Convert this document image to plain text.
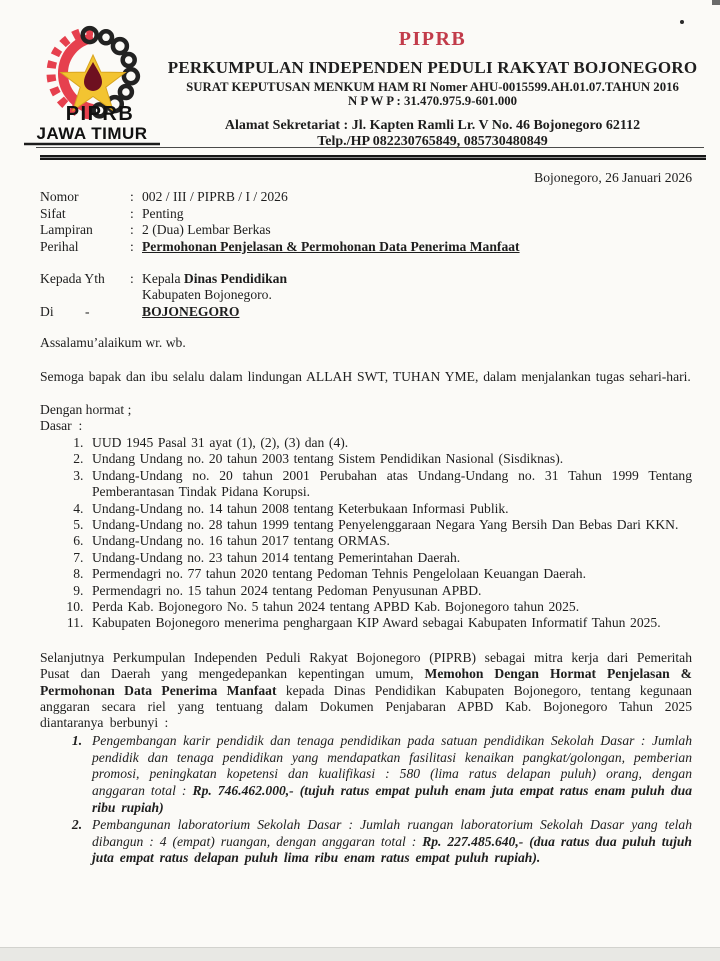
PIPRB
JAWA TIMUR
PIPRB
PERKUMPULAN INDEPENDEN PEDULI RAKYAT BOJONEGORO
SURAT KEPUTUSAN MENKUM HAM RI Nomer AHU-0015599.AH.01.07.TAHUN 2016
N P W P : 31.470.975.9-601.000
Alamat Sekretariat : Jl. Kapten Ramli Lr. V No. 46 Bojonegoro 62112
Telp./HP 082230765849, 085730480849
Bojonegoro, 26 Januari 2026
Nomor	: 002 / III / PIPRB / I / 2026
Sifat	: Penting
Lampiran	: 2 (Dua) Lembar Berkas
Perihal	: Permohonan Penjelasan & Permohonan Data Penerima Manfaat
Kepada Yth	: Kepala Dinas Pendidikan
Kabupaten Bojonegoro.
Di	-	BOJONEGORO
Assalamu’alaikum wr. wb.
Semoga bapak dan ibu selalu dalam lindungan ALLAH SWT, TUHAN YME, dalam menjalankan tugas sehari-hari.
Dengan hormat ;
Dasar :
1. UUD 1945 Pasal 31 ayat (1), (2), (3) dan (4).
2. Undang Undang no. 20 tahun 2003 tentang Sistem Pendidikan Nasional (Sisdiknas).
3. Undang-Undang no. 20 tahun 2001 Perubahan atas Undang-Undang no. 31 Tahun 1999 Tentang Pemberantasan Tindak Pidana Korupsi.
4. Undang-Undang no. 14 tahun 2008 tentang Keterbukaan Informasi Publik.
5. Undang-Undang no. 28 tahun 1999 tentang Penyelenggaraan Negara Yang Bersih Dan Bebas Dari KKN.
6. Undang-Undang no. 16 tahun 2017 tentang ORMAS.
7. Undang-Undang no. 23 tahun 2014 tentang Pemerintahan Daerah.
8. Permendagri no. 77 tahun 2020 tentang Pedoman Tehnis Pengelolaan Keuangan Daerah.
9. Permendagri no. 15 tahun 2024 tentang Pedoman Penyusunan APBD.
10. Perda Kab. Bojonegoro No. 5 tahun 2024 tentang APBD Kab. Bojonegoro tahun 2025.
11. Kabupaten Bojonegoro menerima penghargaan KIP Award sebagai Kabupaten Informatif Tahun 2025.
Selanjutnya Perkumpulan Independen Peduli Rakyat Bojonegoro (PIPRB) sebagai mitra kerja dari Pemeritah Pusat dan Daerah yang mengedepankan kepentingan umum, Memohon Dengan Hormat Penjelasan & Permohonan Data Penerima Manfaat kepada Dinas Pendidikan Kabupaten Bojonegoro, tentang kegunaan anggaran secara riel yang tentuang dalam Dokumen Penjabaran APBD Kab. Bojonegoro Tahun 2025 diantaranya berbunyi :
1. Pengembangan karir pendidik dan tenaga pendidikan pada satuan pendidikan Sekolah Dasar : Jumlah pendidik dan tenaga pendidikan yang mendapatkan fasilitasi kenaikan pangkat/golongan, pemberian promosi, peningkatan kopetensi dan kualifikasi : 580 (lima ratus delapan puluh) orang, dengan anggaran total : Rp. 746.462.000,- (tujuh ratus empat puluh enam juta empat ratus enam puluh dua ribu rupiah)
2. Pembangunan laboratorium Sekolah Dasar : Jumlah ruangan laboratorium Sekolah Dasar yang telah dibangun : 4 (empat) ruangan, dengan anggaran total : Rp. 227.485.640,- (dua ratus dua puluh tujuh juta empat ratus delapan puluh lima ribu enam ratus empat puluh rupiah).
